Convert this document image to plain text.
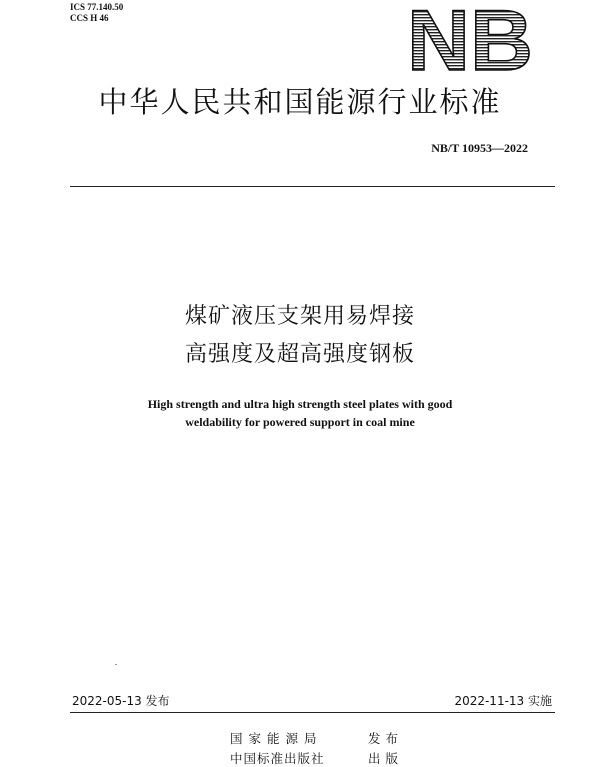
ICS 77.140.50
CCS H 46	NB
中华人民共和国能源行业标准
NB/T 10953—2022
煤矿液压支架用易焊接
高强度及超高强度钢板
High strength and ultra high strength steel plates with good
weldability for powered support in coal mine
2022-05-13 发布	2022-11-13 实施
国家能源局	发布
中国标准出版社	出版
